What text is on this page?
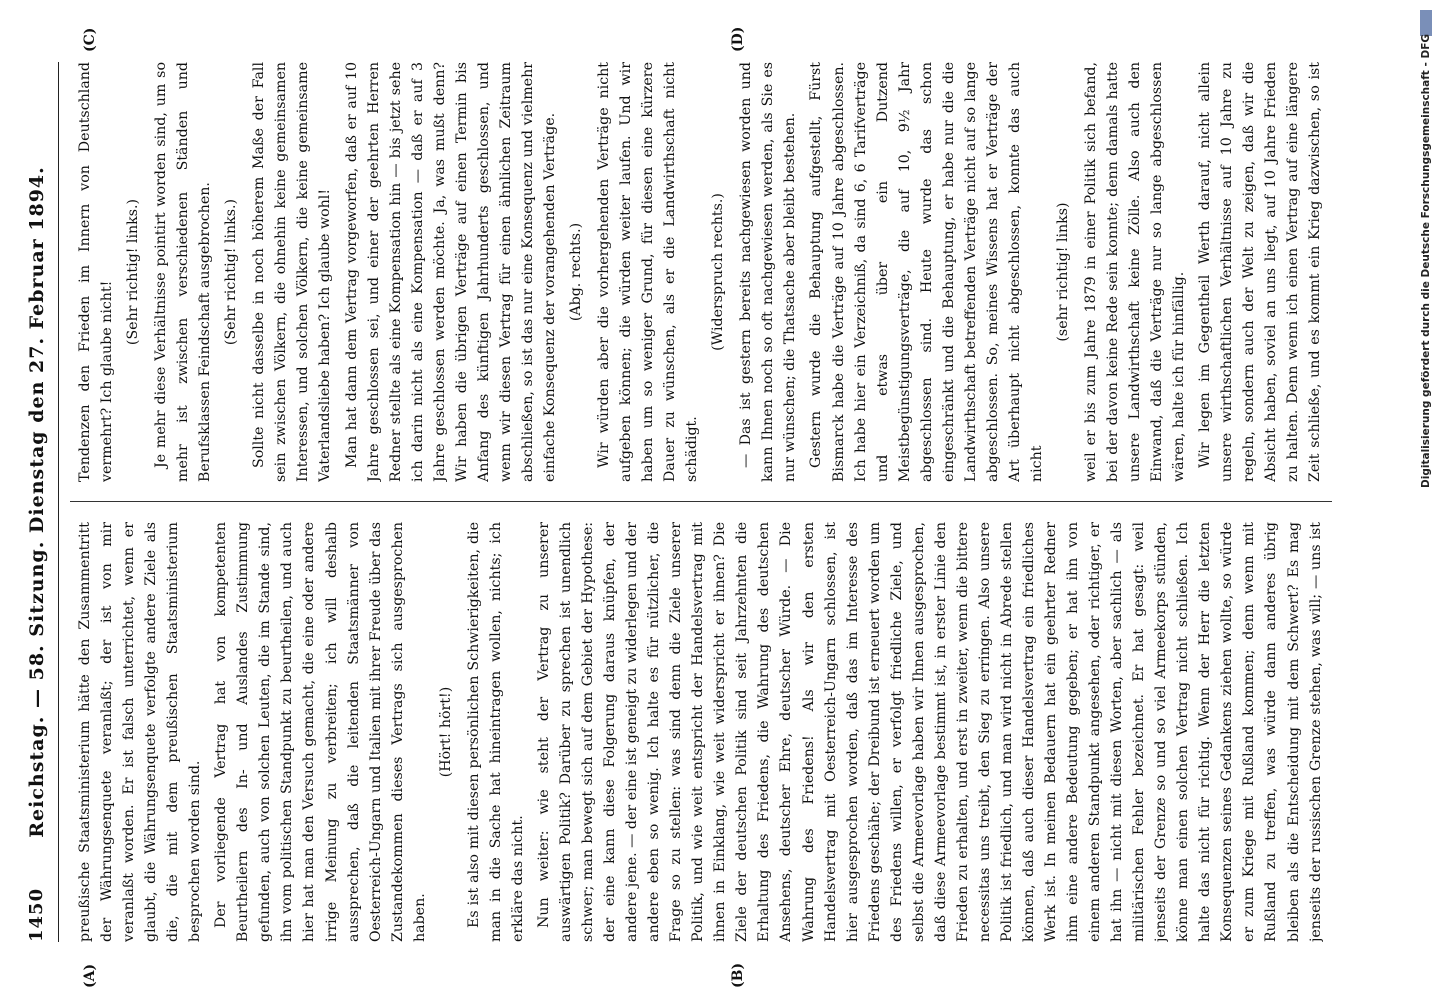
1450
Reichstag. — 58. Sitzung. Dienstag den 27. Februar 1894.
(A)	(B)
(C)	(D)

preußische Staatsministerium hätte den Zusammentritt der Währungsenquete veranlaßt; der ist von mir veranlaßt worden. Er ist falsch unterrichtet, wenn er glaubt, die Währungsenquete verfolgte andere Ziele als die, die mit dem preußischen Staatsministerium besprochen worden sind. Der vorliegende Vertrag hat von kompetenten Beurtheilern des In- und Auslandes Zustimmung gefunden, auch von solchen Leuten, die im Stande sind, ihn vom politischen Standpunkt zu beurtheilen, und auch hier hat man den Versuch gemacht, die eine oder andere irrige Meinung zu verbreiten; ich will deshalb aussprechen, daß die leitenden Staatsmänner von Oesterreich-Ungarn und Italien mit ihrer Freude über das Zustandekommen dieses Vertrags sich ausgesprochen haben.

(Hört! hört!) Es ist also mit diesen persönlichen Schwierigkeiten, die man in die Sache hat hineintragen wollen, nichts; ich erkläre das nicht. Nun weiter: wie steht der Vertrag zu unserer auswärtigen Politik? Darüber zu sprechen ist unendlich schwer; man bewegt sich auf dem Gebiet der Hypothese: der eine kann diese Folgerung daraus knüpfen, der andere jene. — der eine ist geneigt zu widerlegen und der andere eben so wenig. Ich halte es für nützlicher, die Frage so zu stellen: was sind denn die Ziele unserer Politik, und wie weit entspricht der Handelsvertrag mit ihnen in Einklang, wie weit widerspricht er ihnen? Die Ziele der deutschen Politik sind seit Jahrzehnten die Erhaltung des Friedens, die Wahrung des deutschen Ansehens, deutscher Ehre, deutscher Würde. — Die Wahrung des Friedens! Als wir den ersten Handelsvertrag mit Oesterreich-Ungarn schlossen, ist hier ausgesprochen worden, daß das im Interesse des Friedens geschähe; der Dreibund ist erneuert worden um des Friedens willen, er verfolgt friedliche Ziele, und selbst die Armeevorlage haben wir Ihnen ausgesprochen, daß diese Armeevorlage bestimmt ist, in erster Linie den Frieden zu erhalten, und erst in zweiter, wenn die bittere necessitas uns treibt, den Sieg zu erringen. Also unsere Politik ist friedlich, und man wird nicht in Abrede stellen können, daß auch dieser Handelsvertrag ein friedliches Werk ist. In meinen Bedauern hat ein geehrter Redner ihm eine andere Bedeutung gegeben; er hat ihn von einem anderen Standpunkt angesehen, oder richtiger, er hat ihn — nicht mit diesen Worten, aber sachlich — als militärischen Fehler bezeichnet. Er hat gesagt: weil jenseits der Grenze so und so viel Armeekorps stünden, könne man einen solchen Vertrag nicht schließen. Ich halte das nicht für richtig. Wenn der Herr die letzten Konsequenzen seines Gedankens ziehen wollte, so würde er zum Kriege mit Rußland kommen; denn wenn mit Rußland zu treffen, was würde dann anderes übrig bleiben als die Entscheidung mit dem Schwert? Es mag jenseits der russischen Grenze stehen, was will; — uns ist

Tendenzen den Frieden im Innern von Deutschland vermehrt? Ich glaube nicht!

(Sehr richtig! links.) Je mehr diese Verhältnisse pointirt worden sind, um so mehr ist zwischen verschiedenen Ständen und Berufsklassen Feindschaft ausgebrochen. (Sehr richtig! links.) Sollte nicht dasselbe in noch höherem Maße der Fall sein zwischen Völkern, die ohnehin keine gemeinsamen Interessen, und solchen Völkern, die keine gemeinsame Vaterlandsliebe haben? Ich glaube wohl! Man hat dann dem Vertrag vorgeworfen, daß er auf 10 Jahre geschlossen sei, und einer der geehrten Herren Redner stellte als eine Kompensation hin — bis jetzt sehe ich darin nicht als eine Kompensation — daß er auf 3 Jahre geschlossen werden möchte. Ja, was mußt denn? Wir haben die übrigen Verträge auf einen Termin bis Anfang des künftigen Jahrhunderts geschlossen, und wenn wir diesen Vertrag für einen ähnlichen Zeitraum abschließen, so ist das nur eine Konsequenz und vielmehr einfache Konsequenz der vorangehenden Verträge. (Abg. rechts.) Wir würden aber die vorhergehenden Verträge nicht aufgeben können; die würden weiter laufen. Und wir haben um so weniger Grund, für diesen eine kürzere Dauer zu wünschen, als er die Landwirthschaft nicht schädigt.

(Widerspruch rechts.) — Das ist gestern bereits nachgewiesen worden und kann Ihnen noch so oft nachgewiesen werden, als Sie es nur wünschen; die Thatsache aber bleibt bestehen. Gestern wurde die Behauptung aufgestellt, Fürst Bismarck habe die Verträge auf 10 Jahre abgeschlossen. Ich habe hier ein Verzeichniß, da sind 6, 6 Tarifverträge und etwas über ein Dutzend Meistbegünstigungsverträge, die auf 10, 9½ Jahr abgeschlossen sind. Heute wurde das schon eingeschränkt und die Behauptung, er habe nur die die Landwirthschaft betreffenden Verträge nicht auf so lange abgeschlossen. So, meines Wissens hat er Verträge der Art überhaupt nicht abgeschlossen, konnte das auch nicht

(sehr richtig! links) weil er bis zum Jahre 1879 in einer Politik sich befand, bei der davon keine Rede sein konnte; denn damals hatte unsere Landwirthschaft keine Zölle. Also auch den Einwand, daß die Verträge nur so lange abgeschlossen wären, halte ich für hinfällig. Wir legen im Gegentheil Werth darauf, nicht allein unsere wirthschaftlichen Verhältnisse auf 10 Jahre zu regeln, sondern auch der Welt zu zeigen, daß wir die Absicht haben, soviel an uns liegt, auf 10 Jahre Frieden zu halten. Denn wenn ich einen Vertrag auf eine längere Zeit schließe, und es kommt ein Krieg dazwischen, so ist	Digitalisierung gefördert durch die Deutsche Forschungsgemeinschaft - DFG
